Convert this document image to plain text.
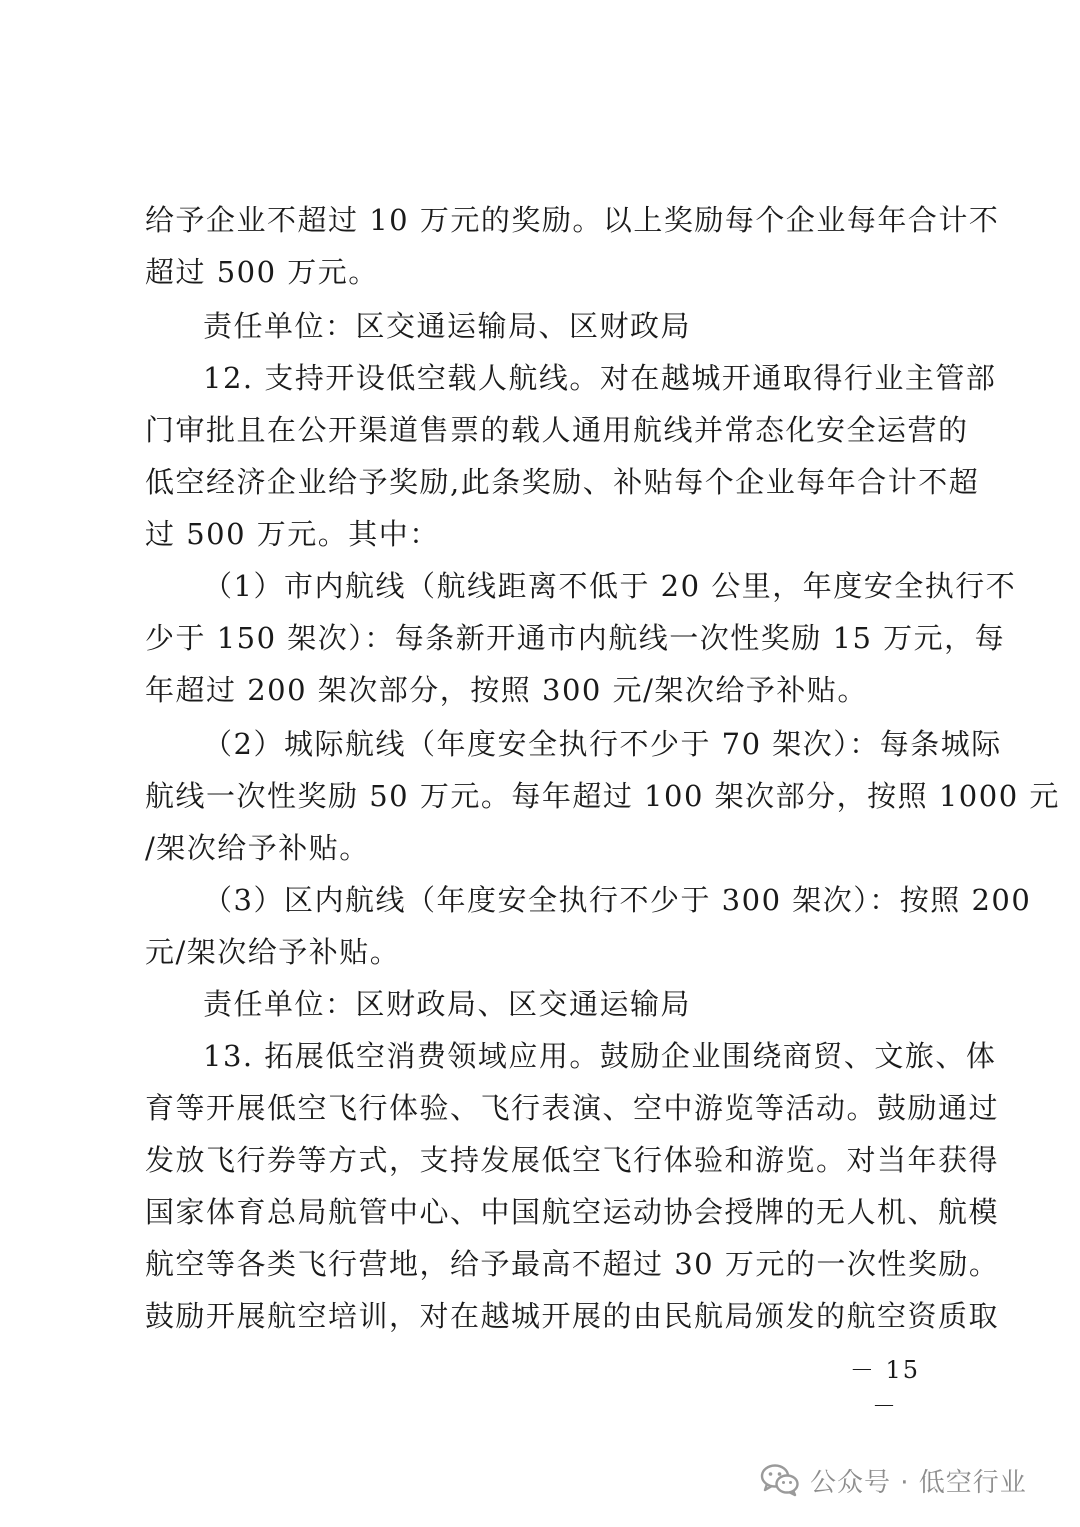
给予企业不超过 10 万元的奖励。以上奖励每个企业每年合计不
超过 500 万元。
责任单位：区交通运输局、区财政局
12. 支持开设低空载人航线。对在越城开通取得行业主管部
门审批且在公开渠道售票的载人通用航线并常态化安全运营的
低空经济企业给予奖励,此条奖励、补贴每个企业每年合计不超
过 500 万元。其中：
（1）市内航线（航线距离不低于 20 公里，年度安全执行不
少于 150 架次）：每条新开通市内航线一次性奖励 15 万元，每
年超过 200 架次部分，按照 300 元/架次给予补贴。
（2）城际航线（年度安全执行不少于 70 架次）：每条城际
航线一次性奖励 50 万元。每年超过 100 架次部分，按照 1000 元
/架次给予补贴。
（3）区内航线（年度安全执行不少于 300 架次）：按照 200
元/架次给予补贴。
责任单位：区财政局、区交通运输局
13. 拓展低空消费领域应用。鼓励企业围绕商贸、文旅、体
育等开展低空飞行体验、飞行表演、空中游览等活动。鼓励通过
发放飞行券等方式，支持发展低空飞行体验和游览。对当年获得
国家体育总局航管中心、中国航空运动协会授牌的无人机、航模
航空等各类飞行营地，给予最高不超过 30 万元的一次性奖励。
鼓励开展航空培训，对在越城开展的由民航局颁发的航空资质取
－ 15 －
公众号 · 低空行业
